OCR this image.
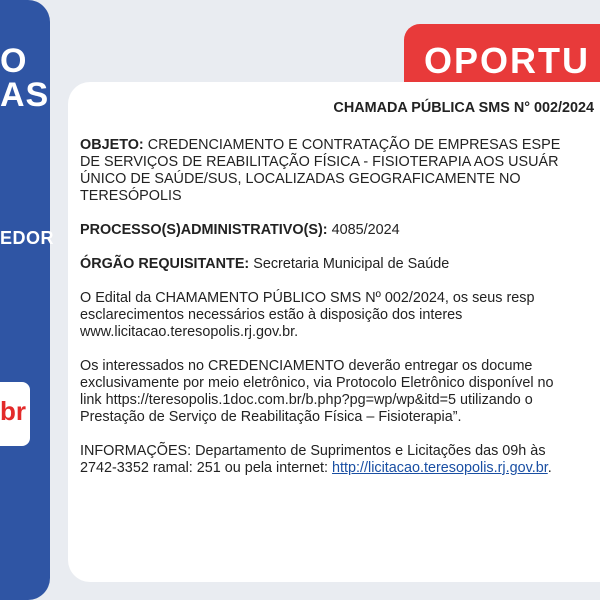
O
AS
EDOR
br
OPORTU

CHAMADA PÚBLICA SMS N° 002/2024

OBJETO: CREDENCIAMENTO E CONTRATAÇÃO DE EMPRESAS ESPE

DE SERVIÇOS DE REABILITAÇÃO FÍSICA - FISIOTERAPIA AOS USUÁR

ÚNICO DE SAÚDE/SUS, LOCALIZADAS GEOGRAFICAMENTE NO

TERESÓPOLIS

PROCESSO(S)ADMINISTRATIVO(S): 4085/2024

ÓRGÃO REQUISITANTE: Secretaria Municipal de Saúde

O Edital da CHAMAMENTO PÚBLICO SMS Nº 002/2024, os seus resp

esclarecimentos necessários estão à disposição dos interes

www.licitacao.teresopolis.rj.gov.br.

Os interessados no CREDENCIAMENTO deverão entregar os docume

exclusivamente por meio eletrônico, via Protocolo Eletrônico disponível no

link https://teresopolis.1doc.com.br/b.php?pg=wp/wp&itd=5 utilizando o

Prestação de Serviço de Reabilitação Física – Fisioterapia”.

INFORMAÇÕES: Departamento de Suprimentos e Licitações das 09h às

2742-3352 ramal: 251 ou pela internet: http://licitacao.teresopolis.rj.gov.br.
